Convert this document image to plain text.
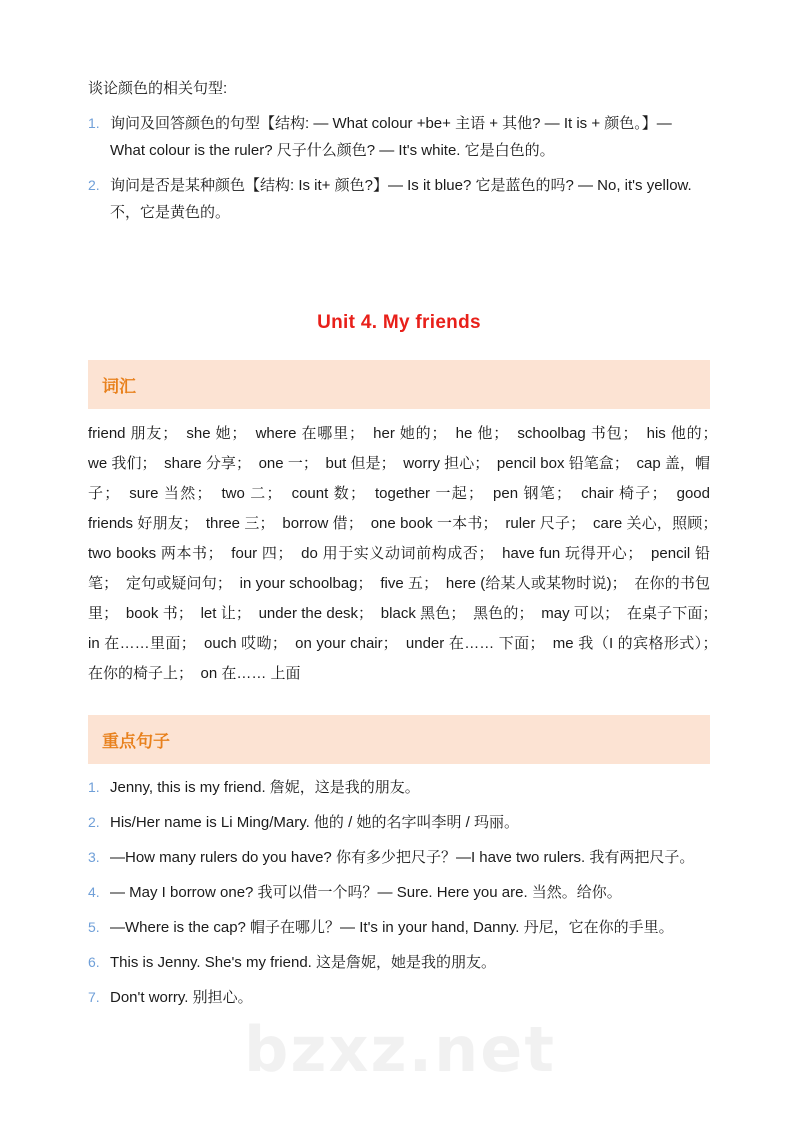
谈论颜色的相关句型:
1. 询问及回答颜色的句型【结构: — What colour +be+ 主语 + 其他? — It is + 颜色。】— What colour is the ruler? 尺子什么颜色? — It's white. 它是白色的。
2. 询问是否是某种颜色【结构: Is it+ 颜色?】— Is it blue? 它是蓝色的吗? — No, it's yellow. 不，它是黄色的。
Unit 4. My friends
词汇
friend 朋友；　she 她；　where 在哪里；　her 她的；　he 他；　schoolbag 书包；　his 他的；　we 我们；　share 分享；　one 一；　but 但是；　worry 担心；　pencil box 铅笔盒；　cap 盖，帽子；　sure 当然；　two 二；　count 数；　together 一起；　pen 钢笔；　chair 椅子；　good friends 好朋友；　three 三；　borrow 借；　one book 一本书；　ruler 尺子；　care 关心，照顾；　two books 两本书；　four 四；　do 用于实义动词前构成否；　have fun 玩得开心；　pencil 铅笔；　定句或疑问句；　in your schoolbag；　five 五；　here (给某人或某物时说)；　在你的书包里；　book 书；　let 让；　under the desk；　black 黑色；　黑色的；　may 可以；　在桌子下面；　in 在……里面；　ouch 哎呦；　on your chair；　under 在…… 下面；　me 我（I 的宾格形式）；　在你的椅子上；　on 在…… 上面
重点句子
1. Jenny, this is my friend. 詹妮，这是我的朋友。
2. His/Her name is Li Ming/Mary. 他的 / 她的名字叫李明 / 玛丽。
3. —How many rulers do you have? 你有多少把尺子？—I have two rulers. 我有两把尺子。
4. — May I borrow one? 我可以借一个吗？— Sure. Here you are. 当然。给你。
5. —Where is the cap? 帽子在哪儿？— It's in your hand, Danny. 丹尼，它在你的手里。
6. This is Jenny. She's my friend. 这是詹妮，她是我的朋友。
7. Don't worry. 别担心。
bzxz.net
